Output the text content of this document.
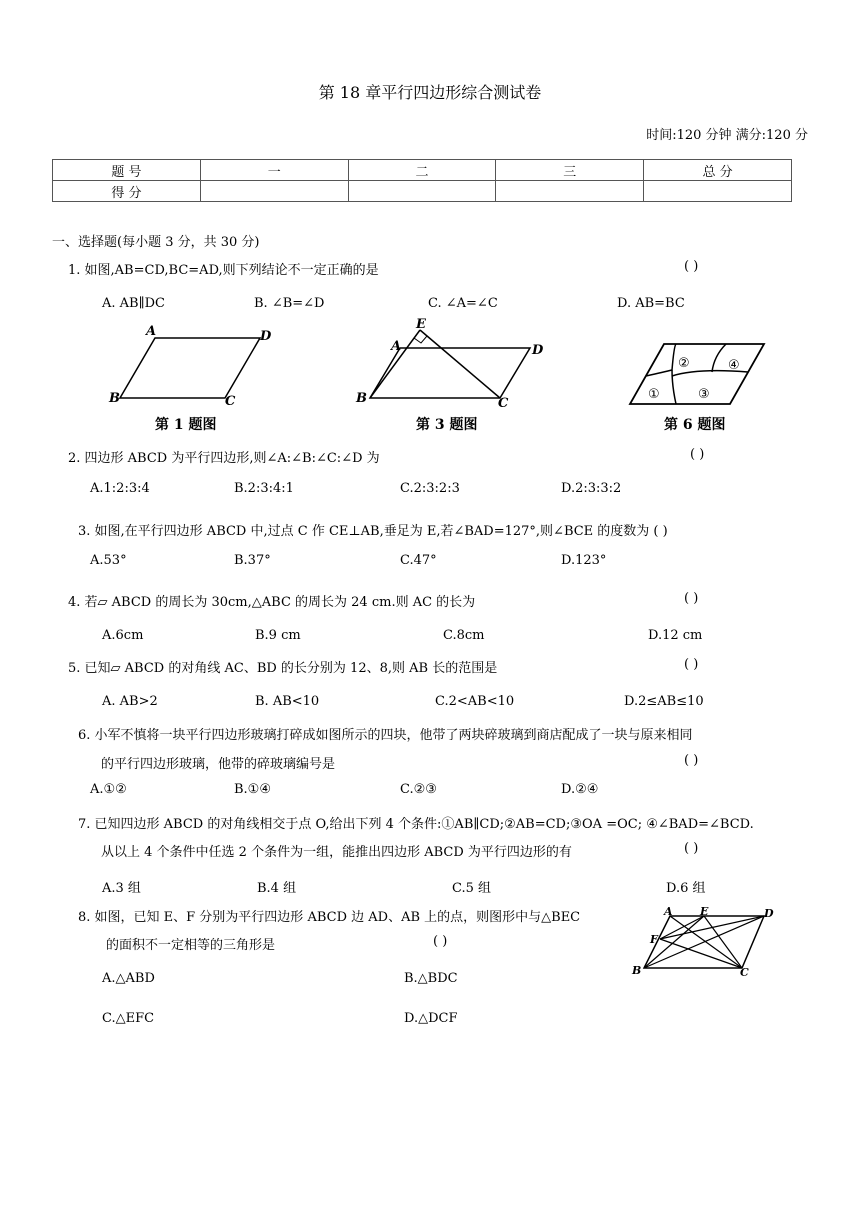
第 18 章平行四边形综合测试卷
时间:120 分钟 满分:120 分
题 号	一	二	三	总 分
得 分				
一、选择题(每小题 3 分，共 30 分)
1. 如图,AB=CD,BC=AD,则下列结论不一定正确的是	( )
A. AB∥DC	B. ∠B=∠D	C. ∠A=∠C	D. AB=BC
A	D
B	C
第 1 题图
E
A	D
B	C
第 3 题图
①
②
③
④
第 6 题图
2. 四边形 ABCD 为平行四边形,则∠A:∠B:∠C:∠D 为	( )
A.1:2:3:4	B.2:3:4:1	C.2:3:2:3	D.2:3:3:2
3. 如图,在平行四边形 ABCD 中,过点 C 作 CE⊥AB,垂足为 E,若∠BAD=127°,则∠BCE 的度数为 ( )
A.53°	B.37°	C.47°	D.123°
4. 若▱ ABCD 的周长为 30cm,△ABC 的周长为 24 cm.则 AC 的长为	( )
A.6cm	B.9 cm	C.8cm	D.12 cm
5. 已知▱ ABCD 的对角线 AC、BD 的长分别为 12、8,则 AB 长的范围是	( )
A. AB>2	B. AB<10	C.2<AB<10	D.2≤AB≤10
6. 小军不慎将一块平行四边形玻璃打碎成如图所示的四块，他带了两块碎玻璃到商店配成了一块与原来相同
的平行四边形玻璃，他带的碎玻璃编号是	( )
A.①②	B.①④	C.②③	D.②④
7. 已知四边形 ABCD 的对角线相交于点 O,给出下列 4 个条件:①AB∥CD;②AB=CD;③OA =OC; ④∠BAD=∠BCD.
从以上 4 个条件中任选 2 个条件为一组，能推出四边形 ABCD 为平行四边形的有	( )
A.3 组	B.4 组	C.5 组	D.6 组
8. 如图，已知 E、F 分别为平行四边形 ABCD 边 AD、AB 上的点，则图形中与△BEC
的面积不一定相等的三角形是	( )
A.△ABD	B.△BDC
C.△EFC	D.△DCF
A E	D
F
B	C
